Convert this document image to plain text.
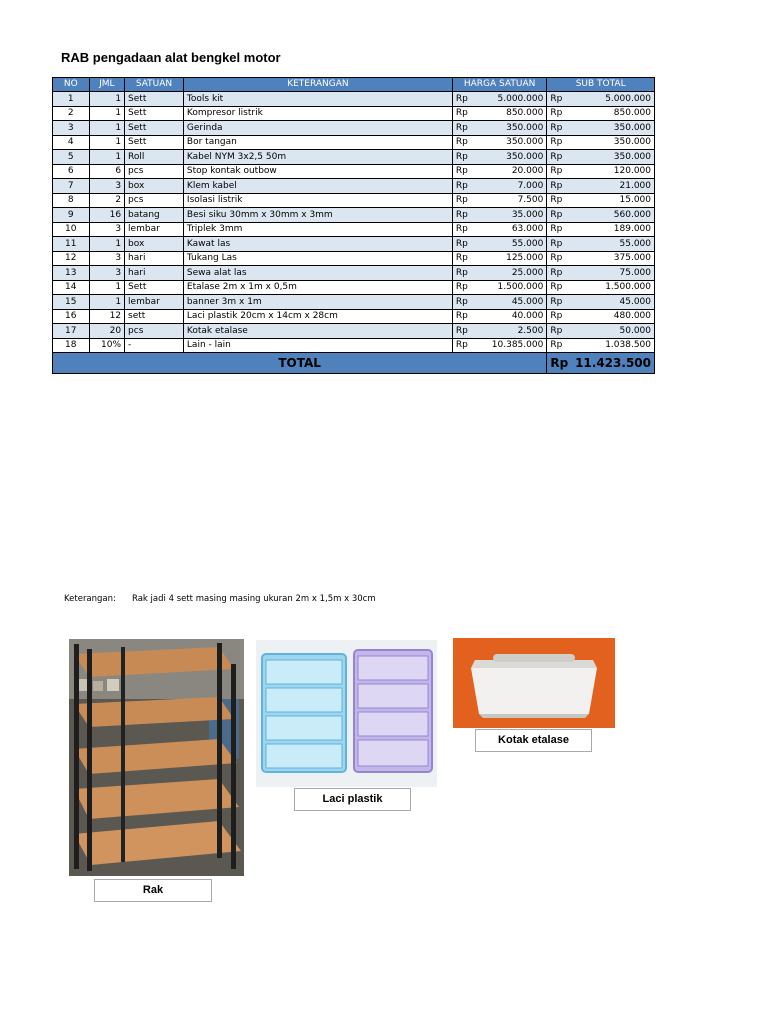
RAB pengadaan alat bengkel motor
NO	JML	SATUAN	KETERANGAN	HARGA SATUAN		SUB TOTAL	
1	1	Sett	Tools kit	Rp	5.000.000	Rp	5.000.000
2	1	Sett	Kompresor listrik	Rp	850.000	Rp	850.000
3	1	Sett	Gerinda	Rp	350.000	Rp	350.000
4	1	Sett	Bor tangan	Rp	350.000	Rp	350.000
5	1	Roll	Kabel NYM 3x2,5 50m	Rp	350.000	Rp	350.000
6	6	pcs	Stop kontak outbow	Rp	20.000	Rp	120.000
7	3	box	Klem kabel	Rp	7.000	Rp	21.000
8	2	pcs	Isolasi listrik	Rp	7.500	Rp	15.000
9	16	batang	Besi siku 30mm x 30mm x 3mm	Rp	35.000	Rp	560.000
10	3	lembar	Triplek 3mm	Rp	63.000	Rp	189.000
11	1	box	Kawat las	Rp	55.000	Rp	55.000
12	3	hari	Tukang Las	Rp	125.000	Rp	375.000
13	3	hari	Sewa alat las	Rp	25.000	Rp	75.000
14	1	Sett	Etalase 2m x 1m x 0,5m	Rp	1.500.000	Rp	1.500.000
15	1	lembar	banner 3m x 1m	Rp	45.000	Rp	45.000
16	12	sett	Laci plastik 20cm x 14cm x 28cm	Rp	40.000	Rp	480.000
17	20	pcs	Kotak etalase	Rp	2.500	Rp	50.000
18	10%	-	Lain - lain	Rp	10.385.000	Rp	1.038.500
TOTAL						Rp	11.423.500
Keterangan: Rak jadi 4 sett masing masing ukuran 2m x 1,5m x 30cm
Rak
Laci plastik
Kotak etalase
